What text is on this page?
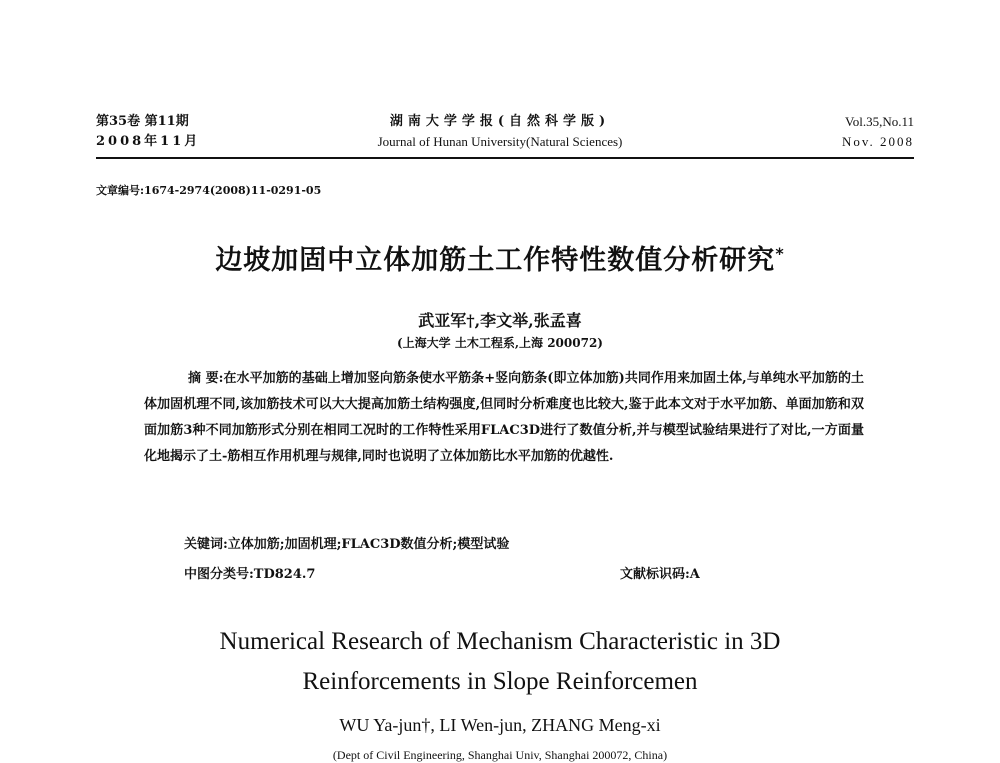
第35卷 第11期
2008年11月
湖南大学学报(自然科学版)
Journal of Hunan University(Natural Sciences)
Vol.35,No.11
Nov. 2008
文章编号:1674-2974(2008)11-0291-05
边坡加固中立体加筋土工作特性数值分析研究*
武亚军†,李文举,张孟喜
(上海大学 土木工程系,上海 200072)
摘 要:在水平加筋的基础上增加竖向筋条使水平筋条+竖向筋条(即立体加筋)共同作用来加固土体,与单纯水平加筋的土体加固机理不同,该加筋技术可以大大提高加筋土结构强度,但同时分析难度也比较大,鉴于此本文对于水平加筋、单面加筋和双面加筋3种不同加筋形式分别在相同工况时的工作特性采用FLAC3D进行了数值分析,并与模型试验结果进行了对比,一方面量化地揭示了土-筋相互作用机理与规律,同时也说明了立体加筋比水平加筋的优越性.
关键词:立体加筋;加固机理;FLAC3D数值分析;模型试验
中图分类号:TD824.7	文献标识码:A
Numerical Research of Mechanism Characteristic in 3D
Reinforcements in Slope Reinforcemen
WU Ya-jun†, LI Wen-jun, ZHANG Meng-xi
(Dept of Civil Engineering, Shanghai Univ, Shanghai 200072, China)
